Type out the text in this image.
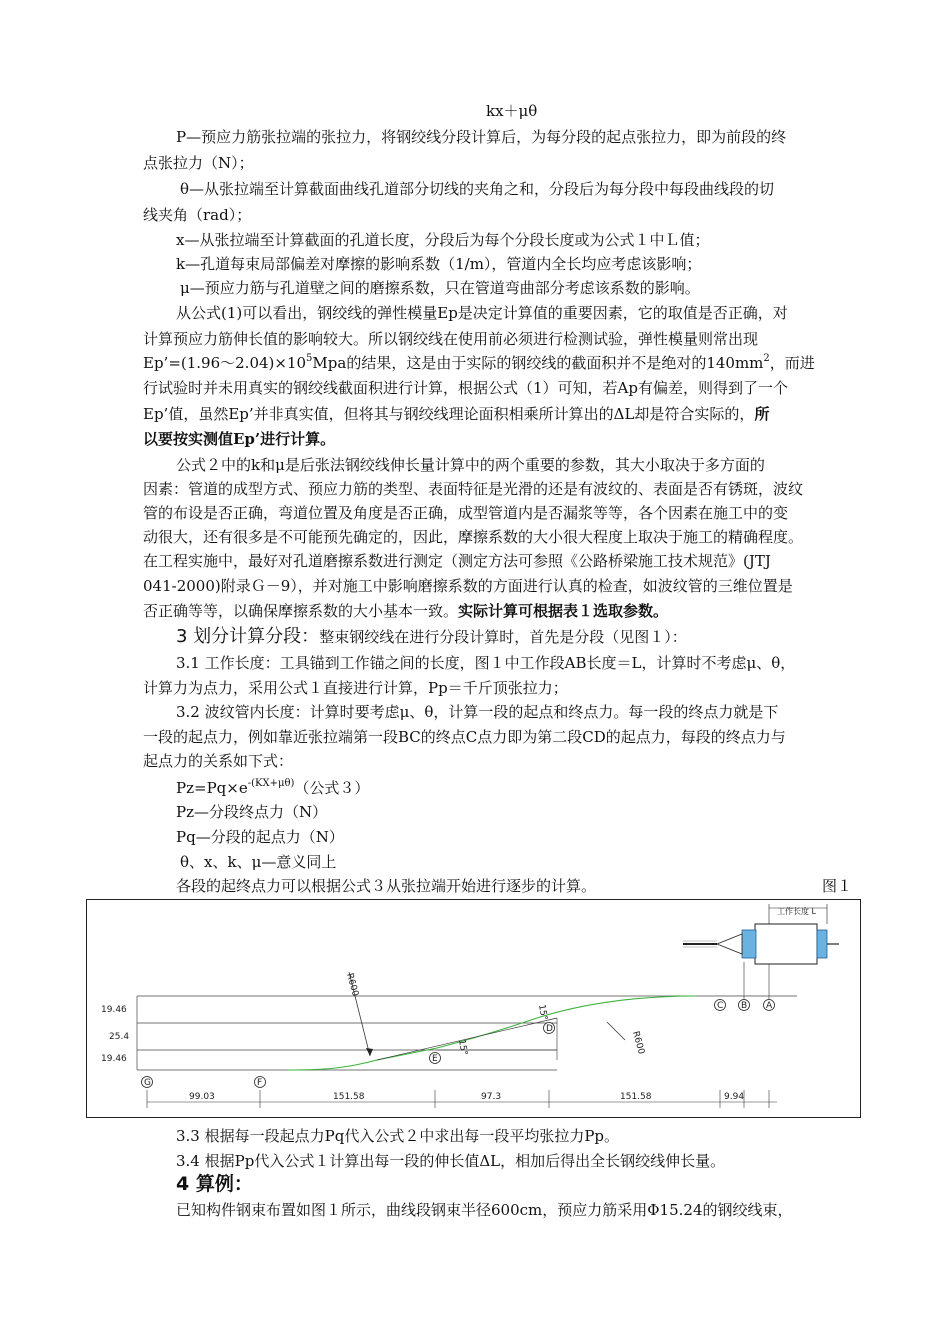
kx＋μθ
P—预应力筋张拉端的张拉力，将钢绞线分段计算后，为每分段的起点张拉力，即为前段的终
点张拉力（N）；
θ—从张拉端至计算截面曲线孔道部分切线的夹角之和，分段后为每分段中每段曲线段的切
线夹角（rad）；
x—从张拉端至计算截面的孔道长度，分段后为每个分段长度或为公式１中Ｌ值；
k—孔道每束局部偏差对摩擦的影响系数（1/m），管道内全长均应考虑该影响；
μ—预应力筋与孔道壁之间的磨擦系数，只在管道弯曲部分考虑该系数的影响。
从公式(1)可以看出，钢绞线的弹性模量Ep是决定计算值的重要因素，它的取值是否正确，对
计算预应力筋伸长值的影响较大。所以钢绞线在使用前必须进行检测试验，弹性模量则常出现
$Ep’=(1.96\sim 2.04)\times 10^5Mpa$的结果，这是由于实际的钢绞线的截面积并不是绝对的$140mm^2$，而进
行试验时并未用真实的钢绞线截面积进行计算，根据公式（1）可知，若Ap有偏差，则得到了一个
Ep’值，虽然Ep’并非真实值，但将其与钢绞线理论面积相乘所计算出的ΔL却是符合实际的，所
以要按实测值Ep’进行计算。
公式２中的k和μ是后张法钢绞线伸长量计算中的两个重要的参数，其大小取决于多方面的
因素：管道的成型方式、预应力筋的类型、表面特征是光滑的还是有波纹的、表面是否有锈斑，波纹
管的布设是否正确，弯道位置及角度是否正确，成型管道内是否漏浆等等，各个因素在施工中的变
动很大，还有很多是不可能预先确定的，因此，摩擦系数的大小很大程度上取决于施工的精确程度。
在工程实施中，最好对孔道磨擦系数进行测定（测定方法可参照《公路桥梁施工技术规范》(JTJ
041-2000)附录Ｇ－9），并对施工中影响磨擦系数的方面进行认真的检查，如波纹管的三维位置是
否正确等等，以确保摩擦系数的大小基本一致。实际计算可根据表１选取参数。
3 划分计算分段：整束钢绞线在进行分段计算时，首先是分段（见图１）：
3.1 工作长度：工具锚到工作锚之间的长度，图１中工作段AB长度＝L，计算时不考虑μ、θ，
计算力为点力，采用公式１直接进行计算，Pp＝千斤顶张拉力；
3.2 波纹管内长度：计算时要考虑μ、θ，计算一段的起点和终点力。每一段的终点力就是下
一段的起点力，例如靠近张拉端第一段BC的终点C点力即为第二段CD的起点力，每段的终点力与
起点力的关系如下式：
$Pz=Pq\times e^{-(KX+\mu\theta)}$（公式３）
Pz—分段终点力（N）
Pq—分段的起点力（N）
θ、x、k、μ—意义同上
各段的起终点力可以根据公式３从张拉端开始进行逐步的计算。	图１
19.46
25.4
19.46
R600
R600
15°
15°
G	F
E
D
C B A
工作长度 L
99.03	151.58	97.3	151.58	9.94
3.3 根据每一段起点力Pq代入公式２中求出每一段平均张拉力Pp。
3.4 根据Pp代入公式１计算出每一段的伸长值ΔL，相加后得出全长钢绞线伸长量。
4 算例：
已知构件钢束布置如图１所示，曲线段钢束半径600cm，预应力筋采用Φ15.24的钢绞线束，
